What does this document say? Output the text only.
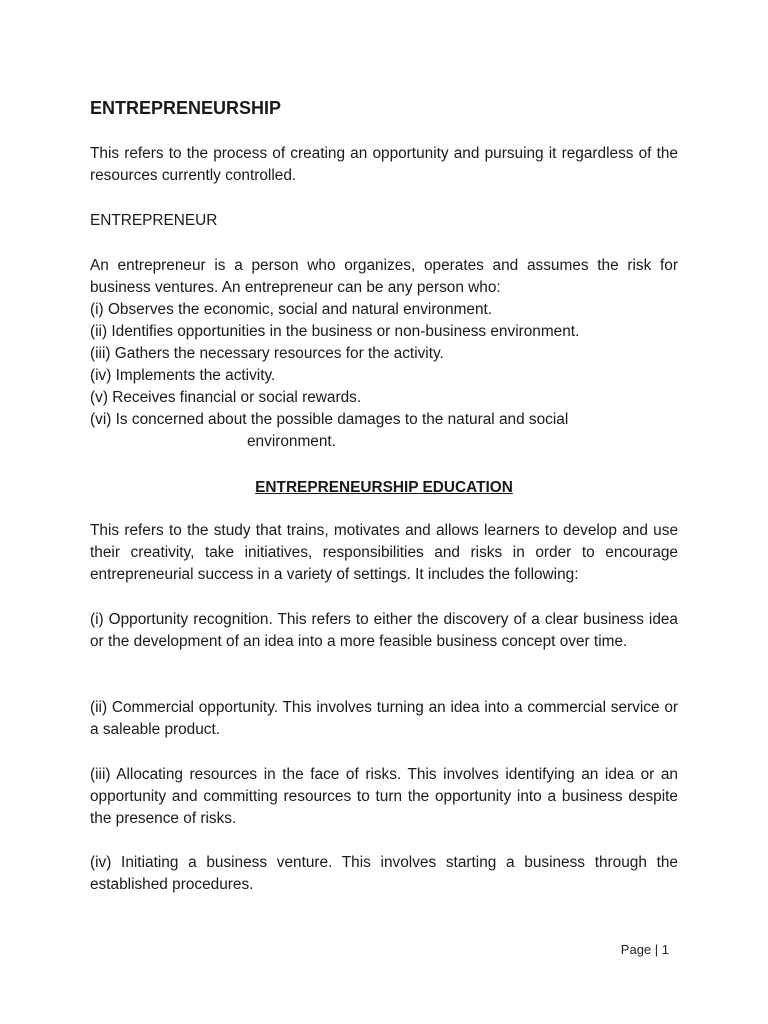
ENTREPRENEURSHIP

This refers to the process of creating an opportunity and pursuing it regardless of the resources currently controlled.

ENTREPRENEUR

An entrepreneur is a person who organizes, operates and assumes the risk for business ventures. An entrepreneur can be any person who:

(i) Observes the economic, social and natural environment.
(ii) Identifies opportunities in the business or non-business environment.
(iii) Gathers the necessary resources for the activity.
(iv) Implements the activity.
(v) Receives financial or social rewards.
(vi) Is concerned about the possible damages to the natural and social
environment.

ENTREPRENEURSHIP EDUCATION

This refers to the study that trains, motivates and allows learners to develop and use their creativity, take initiatives, responsibilities and risks in order to encourage entrepreneurial success in a variety of settings. It includes the following:

(i) Opportunity recognition. This refers to either the discovery of a clear business idea or the development of an idea into a more feasible business concept over time.

(ii) Commercial opportunity. This involves turning an idea into a commercial service or a saleable product.

(iii) Allocating resources in the face of risks. This involves identifying an idea or an opportunity and committing resources to turn the opportunity into a business despite the presence of risks.

(iv) Initiating a business venture. This involves starting a business through the established procedures.

Page | 1
